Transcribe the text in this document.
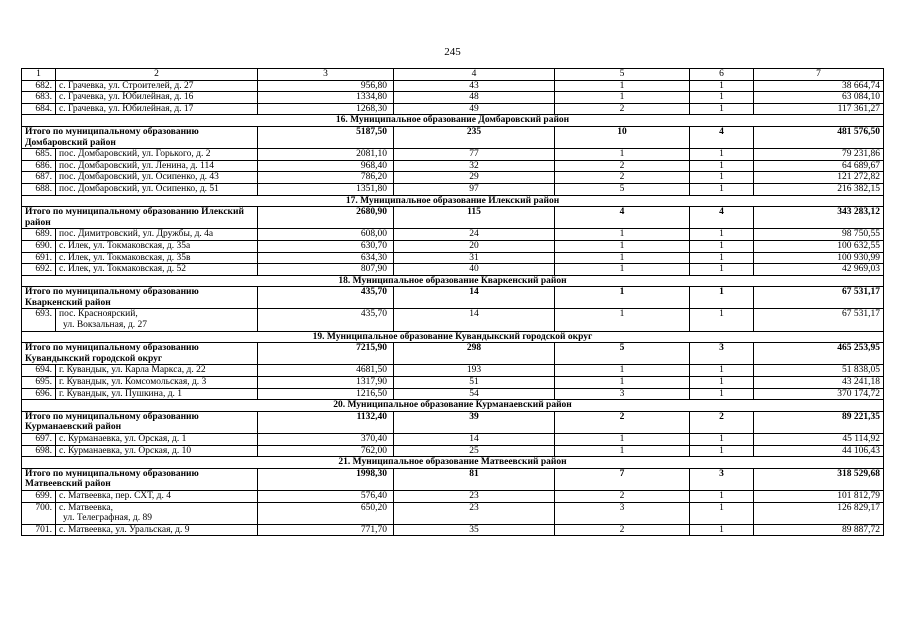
245
1	2	3	4	5	6	7
682.	с. Грачевка, ул. Строителей, д. 27	956,80	43	1	1	38 664,74
683.	с. Грачевка, ул. Юбилейная, д. 16	1334,80	48	1	1	63 084,10
684.	с. Грачевка, ул. Юбилейная, д. 17	1268,30	49	2	1	117 361,27
16. Муниципальное образование Домбаровский район						
Итого по муниципальному образованию Домбаровский район		5187,50	235	10	4	481 576,50
685.	пос. Домбаровский, ул. Горького, д. 2	2081,10	77	1	1	79 231,86
686.	пос. Домбаровский, ул. Ленина, д. 114	968,40	32	2	1	64 689,67
687.	пос. Домбаровский, ул. Осипенко, д. 43	786,20	29	2	1	121 272,82
688.	пос. Домбаровский, ул. Осипенко, д. 51	1351,80	97	5	1	216 382,15
17. Муниципальное образование Илекский район						
Итого по муниципальному образованию Илекский район		2680,90	115	4	4	343 283,12
689.	пос. Димитровский, ул. Дружбы, д. 4а	608,00	24	1	1	98 750,55
690.	с. Илек, ул. Токмаковская, д. 35а	630,70	20	1	1	100 632,55
691.	с. Илек, ул. Токмаковская, д. 35в	634,30	31	1	1	100 930,99
692.	с. Илек, ул. Токмаковская, д. 52	807,90	40	1	1	42 969,03
18. Муниципальное образование Кваркенский район						
Итого по муниципальному образованию Кваркенский район		435,70	14	1	1	67 531,17
693.	пос. Красноярский,
ул. Вокзальная, д. 27	435,70	14	1	1	67 531,17
19. Муниципальное образование Кувандыкский городской округ						
Итого по муниципальному образованию Кувандыкский городской округ		7215,90	298	5	3	465 253,95
694.	г. Кувандык, ул. Карла Маркса, д. 22	4681,50	193	1	1	51 838,05
695.	г. Кувандык, ул. Комсомольская, д. 3	1317,90	51	1	1	43 241,18
696.	г. Кувандык, ул. Пушкина, д. 1	1216,50	54	3	1	370 174,72
20. Муниципальное образование Курманаевский район						
Итого по муниципальному образованию Курманаевский район		1132,40	39	2	2	89 221,35
697.	с. Курманаевка, ул. Орская, д. 1	370,40	14	1	1	45 114,92
698.	с. Курманаевка, ул. Орская, д. 10	762,00	25	1	1	44 106,43
21. Муниципальное образование Матвеевский район						
Итого по муниципальному образованию Матвеевский район		1998,30	81	7	3	318 529,68
699.	с. Матвеевка, пер. СХТ, д. 4	576,40	23	2	1	101 812,79
700.	с. Матвеевка,
ул. Телеграфная, д. 89	650,20	23	3	1	126 829,17
701.	с. Матвеевка, ул. Уральская, д. 9	771,70	35	2	1	89 887,72
